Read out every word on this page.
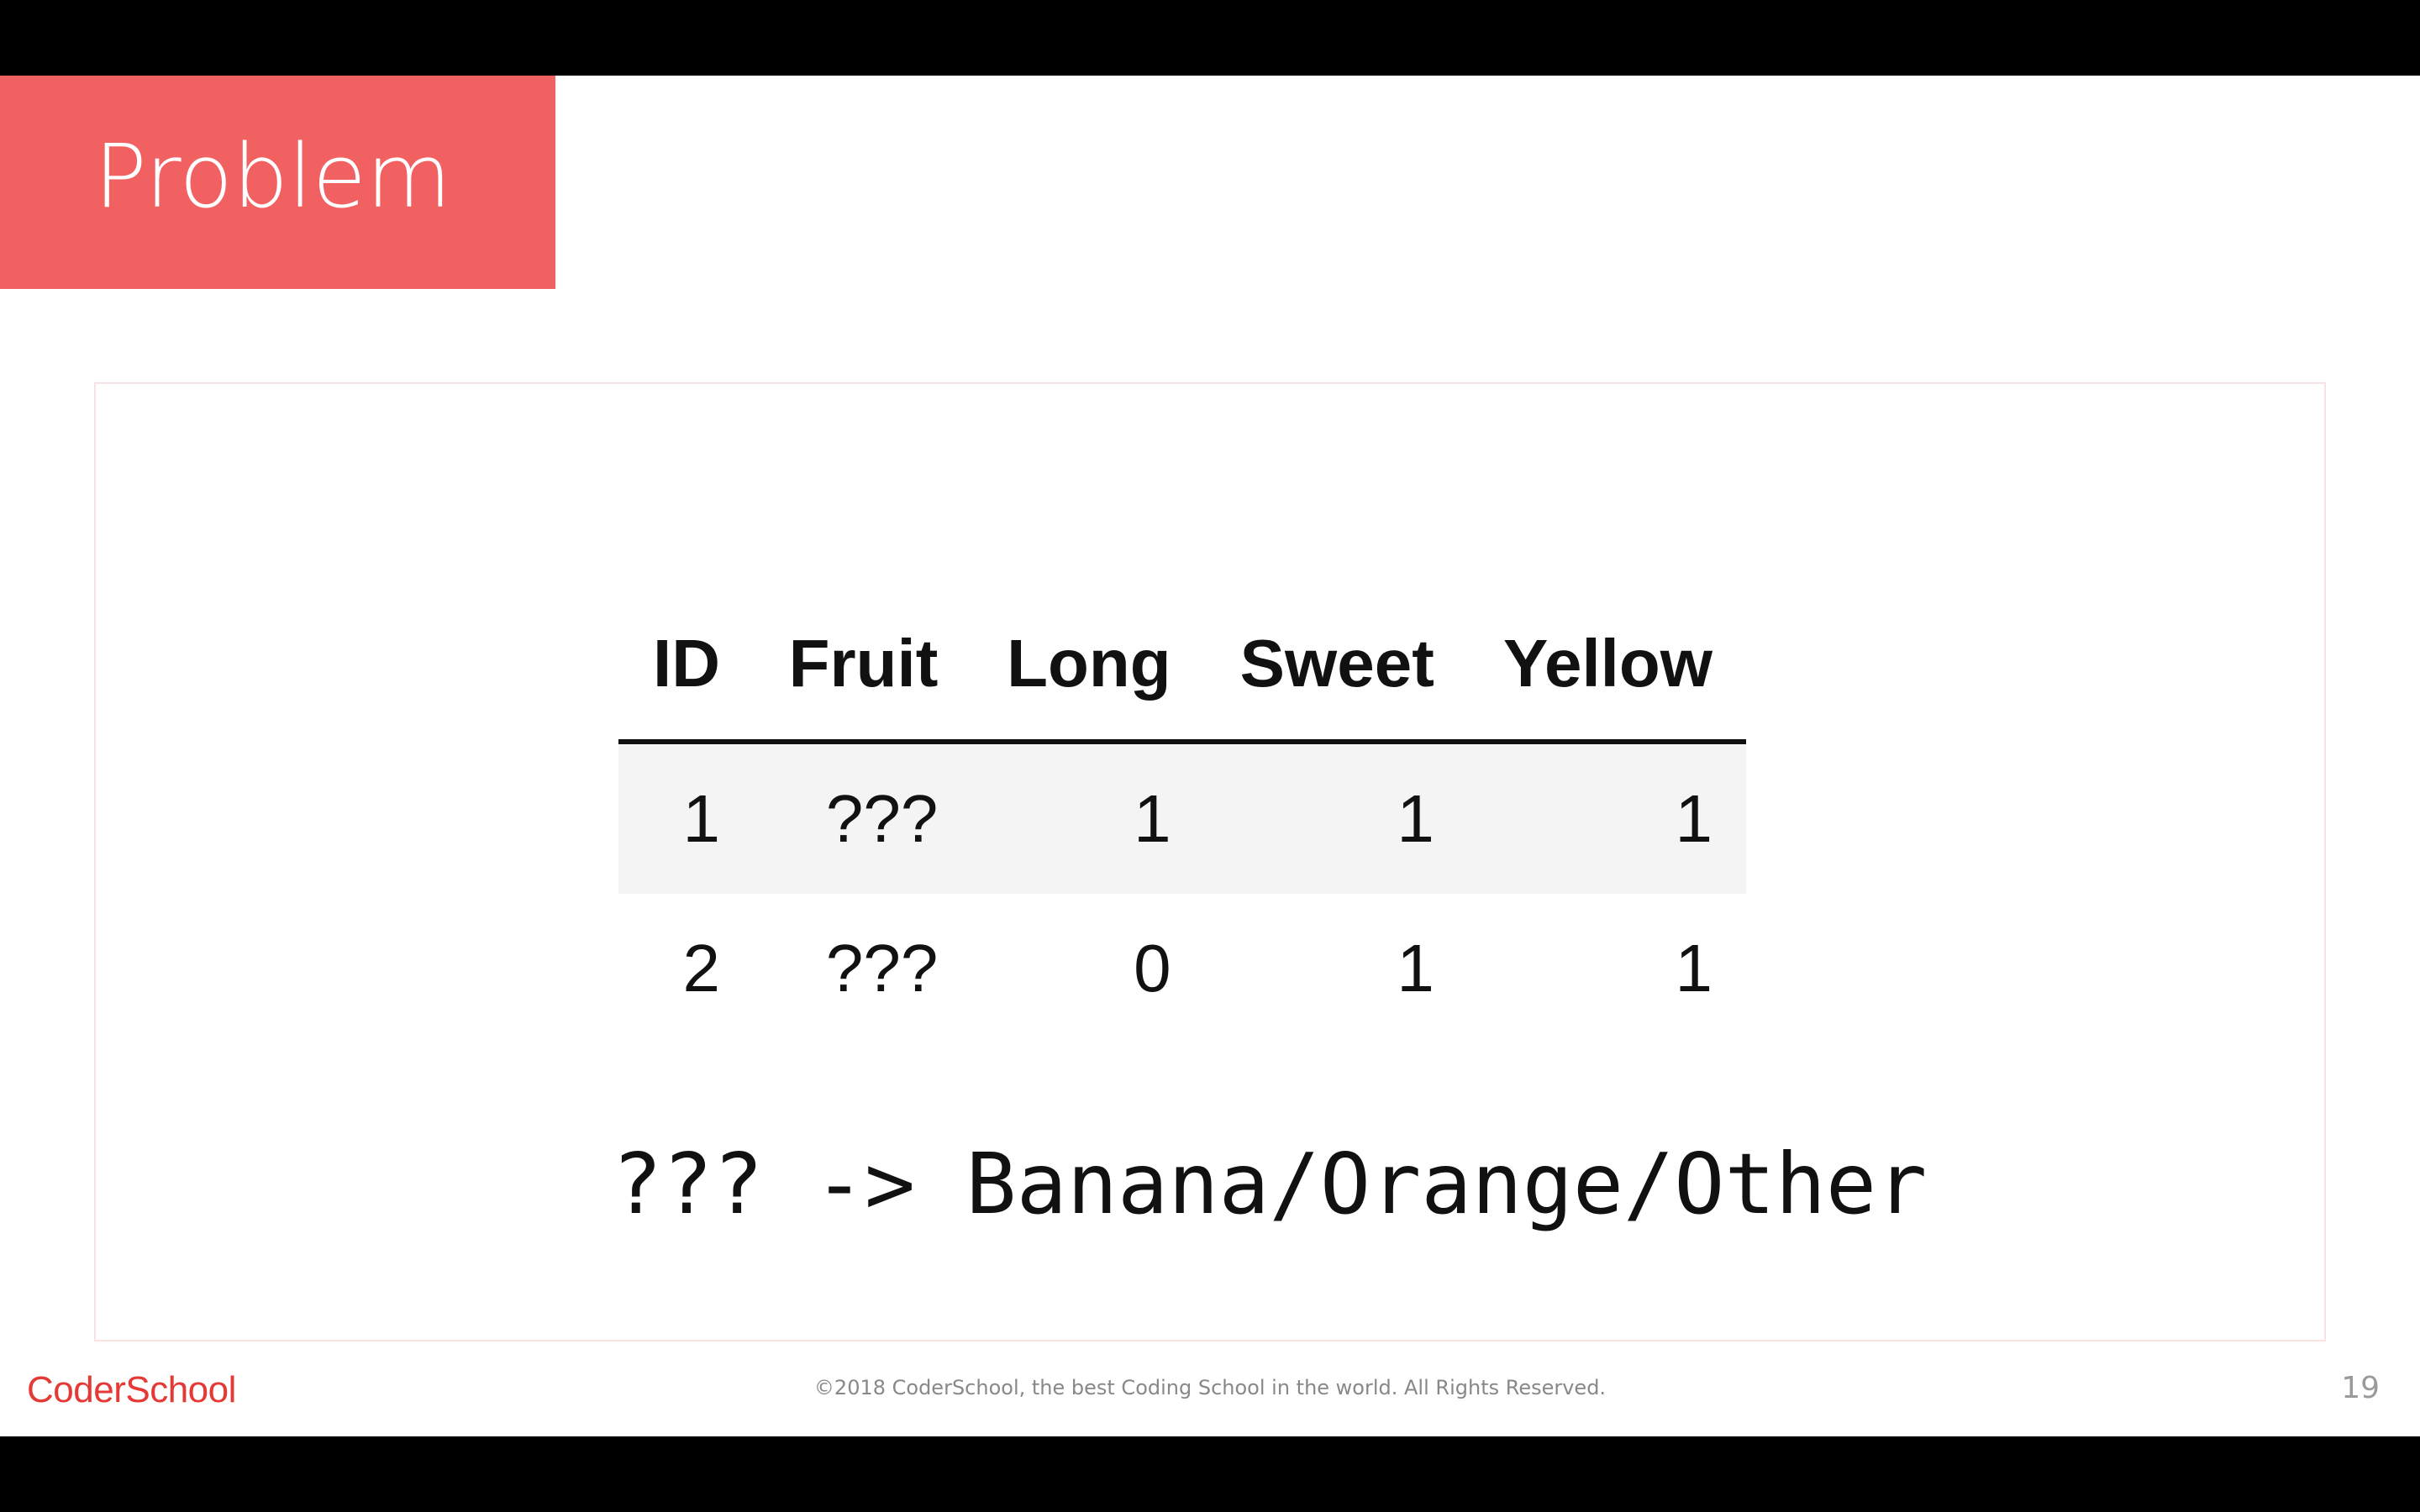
Problem
ID	Fruit	Long	Sweet	Yellow
1	???	1	1	1
2	???	0	1	1
??? -> Banana/Orange/Other
CoderSchool	©2018 CoderSchool, the best Coding School in the world. All Rights Reserved.	19
